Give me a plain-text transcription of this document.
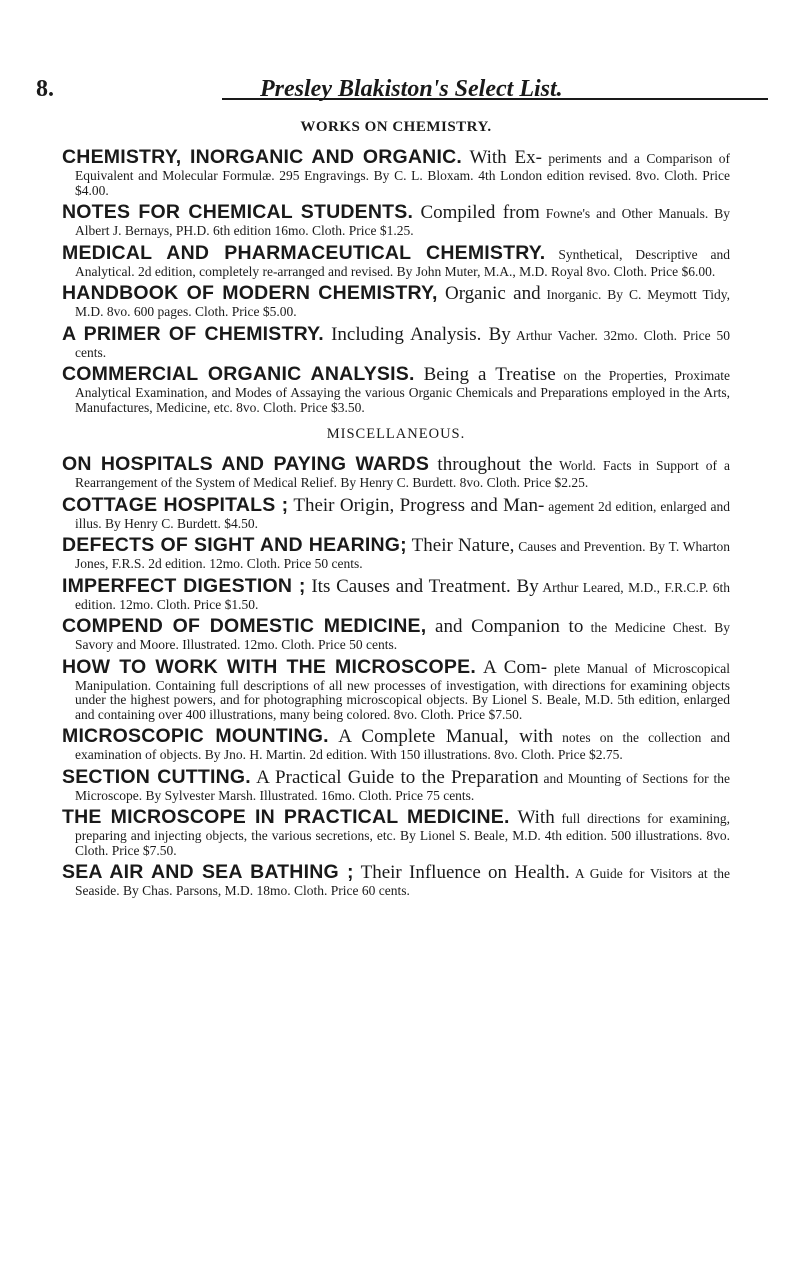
8.	Presley Blakiston's Select List.
WORKS ON CHEMISTRY.

CHEMISTRY, INORGANIC AND ORGANIC. With Ex- periments and a Comparison of Equivalent and Molecular Formulæ. 295 Engravings. By C. L. Bloxam. 4th London edition revised. 8vo. Cloth. Price $4.00.

NOTES FOR CHEMICAL STUDENTS. Compiled from Fowne's and Other Manuals. By Albert J. Bernays, PH.D. 6th edition 16mo. Cloth. Price $1.25.

MEDICAL AND PHARMACEUTICAL CHEMISTRY. Synthetical, Descriptive and Analytical. 2d edition, completely re-arranged and revised. By John Muter, M.A., M.D. Royal 8vo. Cloth. Price $6.00.

HANDBOOK OF MODERN CHEMISTRY, Organic and Inorganic. By C. Meymott Tidy, M.D. 8vo. 600 pages. Cloth. Price $5.00.

A PRIMER OF CHEMISTRY. Including Analysis. By Arthur Vacher. 32mo. Cloth. Price 50 cents.

COMMERCIAL ORGANIC ANALYSIS. Being a Treatise on the Properties, Proximate Analytical Examination, and Modes of Assaying the various Organic Chemicals and Preparations employed in the Arts, Manufactures, Medicine, etc. 8vo. Cloth. Price $3.50.

MISCELLANEOUS.

ON HOSPITALS AND PAYING WARDS throughout the World. Facts in Support of a Rearrangement of the System of Medical Relief. By Henry C. Burdett. 8vo. Cloth. Price $2.25.

COTTAGE HOSPITALS ; Their Origin, Progress and Man- agement 2d edition, enlarged and illus. By Henry C. Burdett. $4.50.

DEFECTS OF SIGHT AND HEARING; Their Nature, Causes and Prevention. By T. Wharton Jones, F.R.S. 2d edition. 12mo. Cloth. Price 50 cents.

IMPERFECT DIGESTION ; Its Causes and Treatment. By Arthur Leared, M.D., F.R.C.P. 6th edition. 12mo. Cloth. Price $1.50.

COMPEND OF DOMESTIC MEDICINE, and Companion to the Medicine Chest. By Savory and Moore. Illustrated. 12mo. Cloth. Price 50 cents.

HOW TO WORK WITH THE MICROSCOPE. A Com- plete Manual of Microscopical Manipulation. Containing full descriptions of all new processes of investigation, with directions for examining objects under the highest powers, and for photographing microscopical objects. By Lionel S. Beale, M.D. 5th edition, enlarged and containing over 400 illustrations, many being colored. 8vo. Cloth. Price $7.50.

MICROSCOPIC MOUNTING. A Complete Manual, with notes on the collection and examination of objects. By Jno. H. Martin. 2d edition. With 150 illustrations. 8vo. Cloth. Price $2.75.

SECTION CUTTING. A Practical Guide to the Preparation and Mounting of Sections for the Microscope. By Sylvester Marsh. Illustrated. 16mo. Cloth. Price 75 cents.

THE MICROSCOPE IN PRACTICAL MEDICINE. With full directions for examining, preparing and injecting objects, the various secretions, etc. By Lionel S. Beale, M.D. 4th edition. 500 illustrations. 8vo. Cloth. Price $7.50.

SEA AIR AND SEA BATHING ; Their Influence on Health. A Guide for Visitors at the Seaside. By Chas. Parsons, M.D. 18mo. Cloth. Price 60 cents.
